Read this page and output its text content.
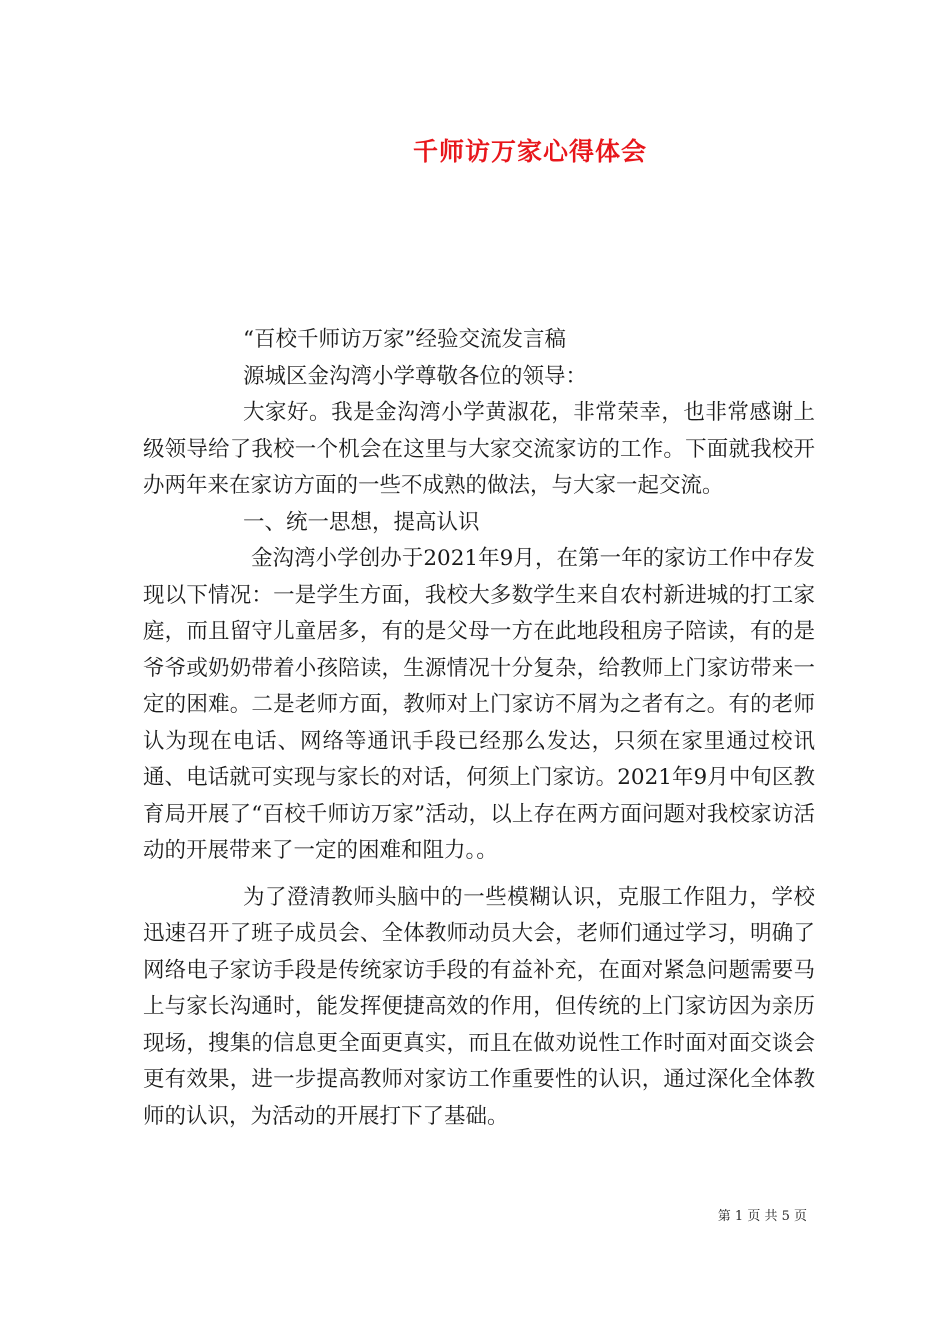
千师访万家心得体会

“百校千师访万家”经验交流发言稿

源城区金沟湾小学尊敬各位的领导：

大家好。我是金沟湾小学黄淑花，非常荣幸，也非常感谢上级领导给了我校一个机会在这里与大家交流家访的工作。下面就我校开办两年来在家访方面的一些不成熟的做法，与大家一起交流。

一、统一思想，提高认识

金沟湾小学创办于2021年9月，在第一年的家访工作中存发现以下情况：一是学生方面，我校大多数学生来自农村新进城的打工家庭，而且留守儿童居多，有的是父母一方在此地段租房子陪读，有的是爷爷或奶奶带着小孩陪读，生源情况十分复杂，给教师上门家访带来一定的困难。二是老师方面，教师对上门家访不屑为之者有之。有的老师认为现在电话、网络等通讯手段已经那么发达，只须在家里通过校讯通、电话就可实现与家长的对话，何须上门家访。2021年9月中旬区教育局开展了“百校千师访万家”活动，以上存在两方面问题对我校家访活动的开展带来了一定的困难和阻力。。

为了澄清教师头脑中的一些模糊认识，克服工作阻力，学校迅速召开了班子成员会、全体教师动员大会，老师们通过学习，明确了网络电子家访手段是传统家访手段的有益补充，在面对紧急问题需要马上与家长沟通时，能发挥便捷高效的作用，但传统的上门家访因为亲历现场，搜集的信息更全面更真实，而且在做劝说性工作时面对面交谈会更有效果，进一步提高教师对家访工作重要性的认识，通过深化全体教师的认识，为活动的开展打下了基础。

第 1 页 共 5 页
